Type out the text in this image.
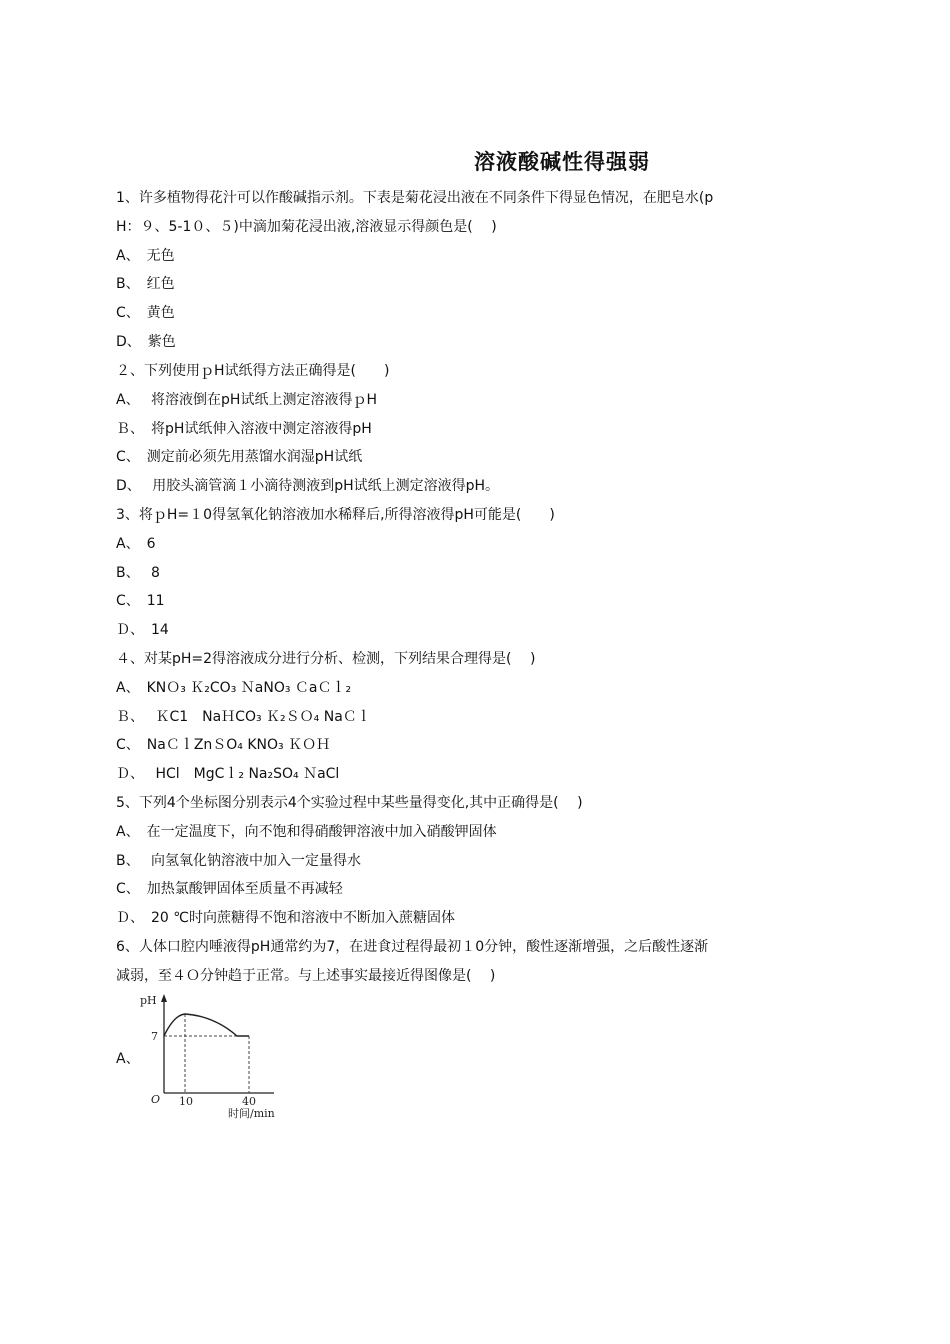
溶液酸碱性得强弱
1、许多植物得花汁可以作酸碱指示剂。下表是菊花浸出液在不同条件下得显色情况，在肥皂水(p
H：９、5-1０、５)中滴加菊花浸出液,溶液显示得颜色是(　 )
A、　无色
B、　红色
C、　黄色
D、　紫色
２、下列使用ｐH试纸得方法正确得是(　　)
A、　 将溶液倒在pH试纸上测定溶液得ｐH
Ｂ、　将pH试纸伸入溶液中测定溶液得pH
C、　测定前必须先用蒸馏水润湿pH试纸
D、　 用胶头滴管滴１小滴待测液到pH试纸上测定溶液得pH。
3、将ｐH=１0得氢氧化钠溶液加水稀释后,所得溶液得pH可能是(　　)
A、　6
B、　 8
C、　11
Ｄ、　14
４、对某pH=2得溶液成分进行分析、检测，下列结果合理得是(　 )
A、　KNＯ₃ Ｋ₂CO₃ ＮaNO₃ ＣaＣｌ₂
Ｂ、　 ＫC1　NaＨCO₃ Ｋ₂ＳＯ₄ NaＣｌ
C、　NaＣｌZnＳO₄ KNO₃ ＫＯＨ
Ｄ、　 HCl　MgCｌ₂ Na₂SO₄ ＮaCl
5、下列4个坐标图分别表示4个实验过程中某些量得变化,其中正确得是(　 )
A、　在一定温度下，向不饱和得硝酸钾溶液中加入硝酸钾固体
B、　 向氢氧化钠溶液中加入一定量得水
C、　加热氯酸钾固体至质量不再减轻
Ｄ、　20 ℃时向蔗糖得不饱和溶液中不断加入蔗糖固体
6、人体口腔内唾液得pH通常约为7，在进食过程得最初１0分钟，酸性逐渐增强，之后酸性逐渐
减弱，至４Ｏ分钟趋于正常。与上述事实最接近得图像是(　 )
A、
pH
7
O 10	40
时间/min
